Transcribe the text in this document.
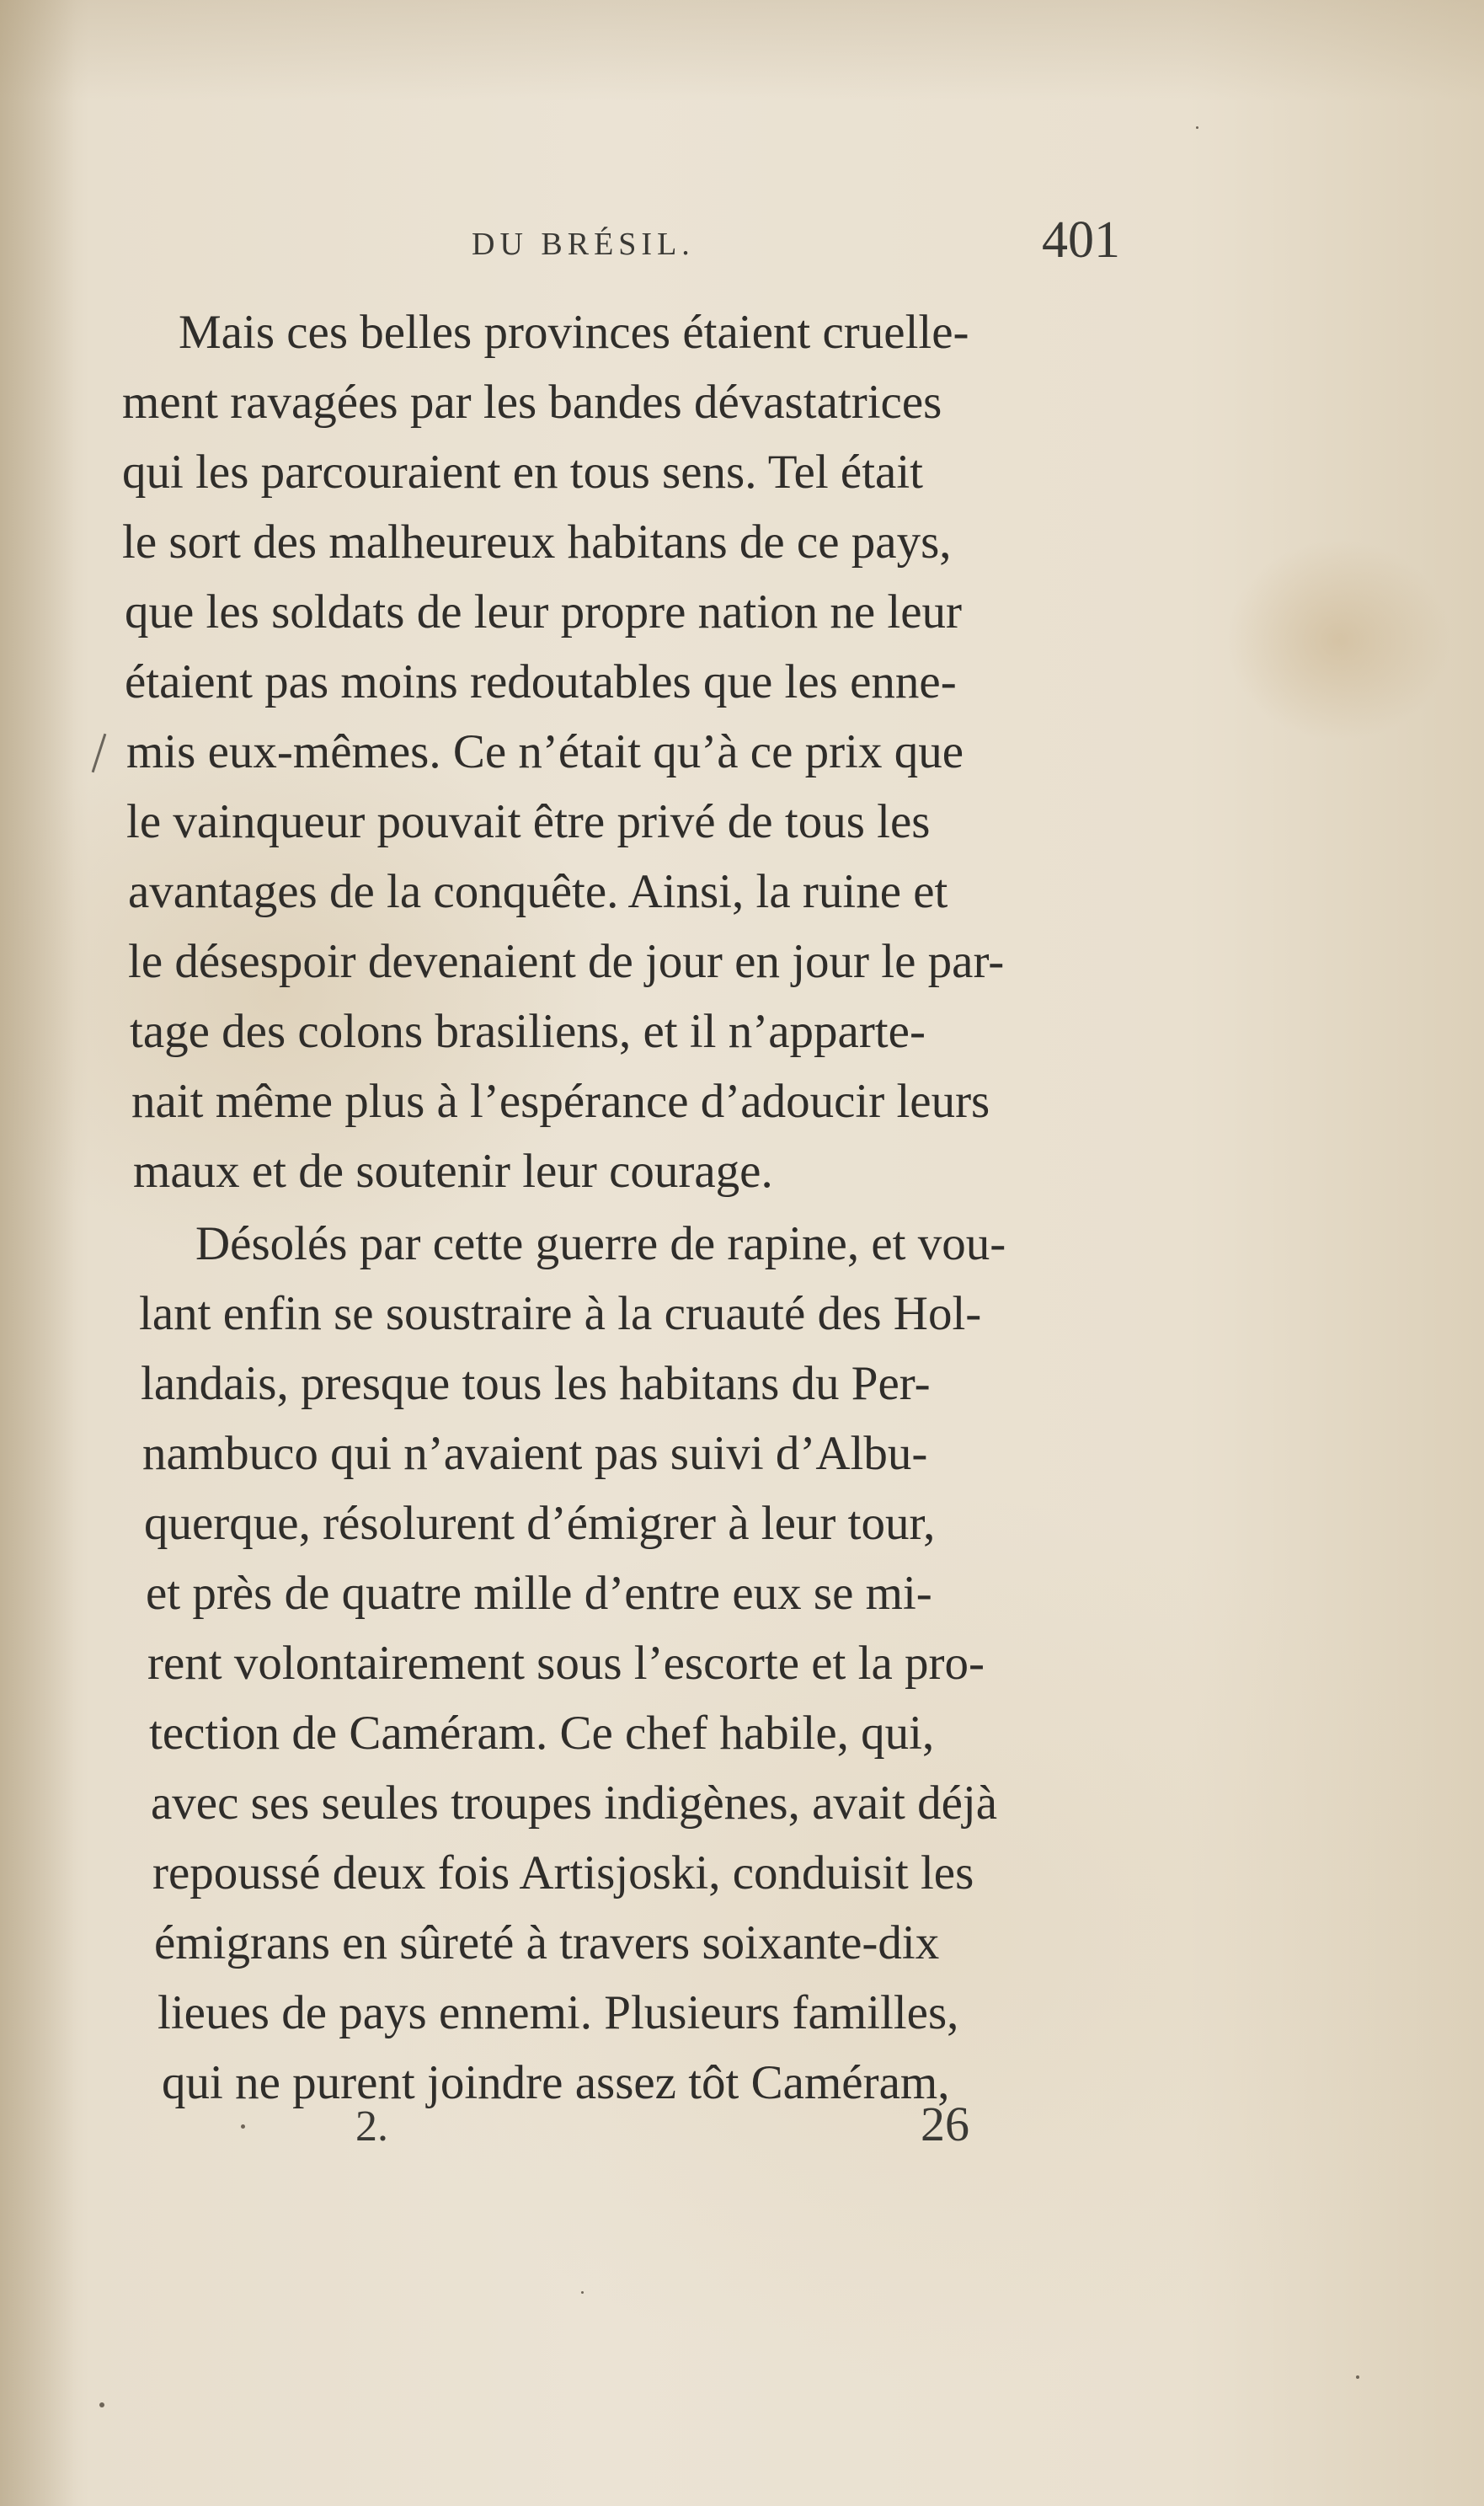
DU BRÉSIL.	401
Mais ces belles provinces étaient cruelle-
ment ravagées par les bandes dévastatrices
qui les parcouraient en tous sens. Tel était
le sort des malheureux habitans de ce pays,
que les soldats de leur propre nation ne leur
étaient pas moins redoutables que les enne-
mis eux-mêmes. Ce n’était qu’à ce prix que
le vainqueur pouvait être privé de tous les
avantages de la conquête. Ainsi, la ruine et
le désespoir devenaient de jour en jour le par-
tage des colons brasiliens, et il n’apparte-
nait même plus à l’espérance d’adoucir leurs
maux et de soutenir leur courage.
Désolés par cette guerre de rapine, et vou-
lant enfin se soustraire à la cruauté des Hol-
landais, presque tous les habitans du Per-
nambuco qui n’avaient pas suivi d’Albu-
querque, résolurent d’émigrer à leur tour,
et près de quatre mille d’entre eux se mi-
rent volontairement sous l’escorte et la pro-
tection de Caméram. Ce chef habile, qui,
avec ses seules troupes indigènes, avait déjà
repoussé deux fois Artisjoski, conduisit les
émigrans en sûreté à travers soixante-dix
lieues de pays ennemi. Plusieurs familles,
qui ne purent joindre assez tôt Caméram,
2.	26
